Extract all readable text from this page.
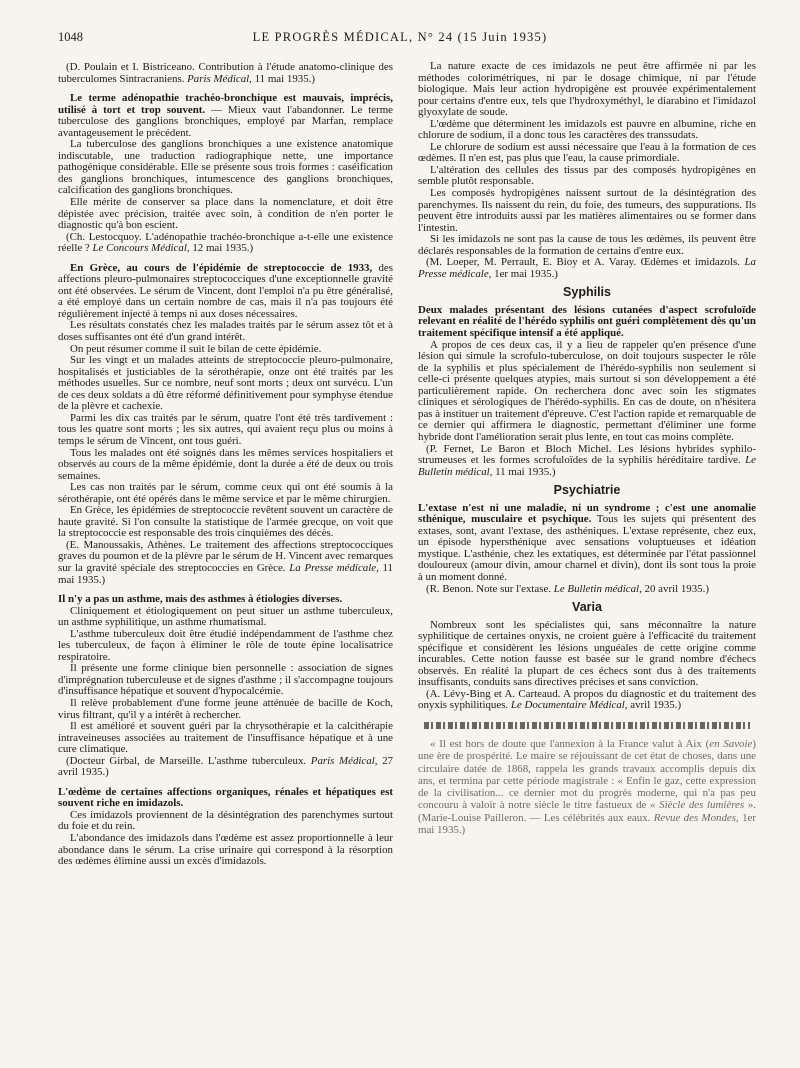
1048	LE PROGRÈS MÉDICAL, N° 24 (15 Juin 1935)

(D. Poulain et I. Bistriceano. Contribution à l'étude anatomo-clinique des tuberculomes Sintracraniens. Paris Médical, 11 mai 1935.)

Le terme adénopathie trachéo-bronchique est mauvais, imprécis, utilisé à tort et trop souvent. — Mieux vaut l'abandonner. Le terme tuberculose des ganglions bronchiques, employé par Marfan, remplace avantageusement le précédent.

La tuberculose des ganglions bronchiques a une existence anatomique indiscutable, une traduction radiographique nette, une importance pathogénique considérable. Elle se présente sous trois formes : caséification des ganglions bronchiques, intumescence des ganglions bronchiques, calcification des ganglions bronchiques.

Elle mérite de conserver sa place dans la nomenclature, et doit être dépistée avec précision, traitée avec soin, à condition de n'en porter le diagnostic qu'à bon escient.

(Ch. Lestocquoy. L'adénopathie trachéo-bronchique a-t-elle une existence réelle ? Le Concours Médical, 12 mai 1935.)

En Grèce, au cours de l'épidémie de streptococcie de 1933, des affections pleuro-pulmonaires streptococciques d'une exceptionnelle gravité ont été observées. Le sérum de Vincent, dont l'emploi n'a pu être généralisé, a été employé dans un certain nombre de cas, mais il n'a pas toujours été régulièrement injecté à temps ni aux doses nécessaires.

Les résultats constatés chez les malades traités par le sérum assez tôt et à doses suffisantes ont été d'un grand intérêt.

On peut résumer comme il suit le bilan de cette épidémie.

Sur les vingt et un malades atteints de streptococcie pleuro-pulmonaire, hospitalisés et justiciables de la sérothérapie, onze ont été traités par les méthodes usuelles. Sur ce nombre, neuf sont morts ; deux ont survécu. L'un de ces deux soldats a dû être réformé définitivement pour symphyse étendue de la plèvre et cachexie.

Parmi les dix cas traités par le sérum, quatre l'ont été très tardivement : tous les quatre sont morts ; les six autres, qui avaient reçu plus ou moins à temps le sérum de Vincent, ont tous guéri.

Tous les malades ont été soignés dans les mêmes services hospitaliers et observés au cours de la même épidémie, dont la durée a été de deux ou trois semaines.

Les cas non traités par le sérum, comme ceux qui ont été soumis à la sérothérapie, ont été opérés dans le même service et par le même chirurgien.

En Grèce, les épidémies de streptococcie revêtent souvent un caractère de haute gravité. Si l'on consulte la statistique de l'armée grecque, on voit que la streptococcie est responsable des trois cinquièmes des décès.

(E. Manoussakis, Athènes. Le traitement des affections streptococciques graves du poumon et de la plèvre par le sérum de H. Vincent avec remarques sur la gravité spéciale des streptococcies en Grèce. La Presse médicale, 11 mai 1935.)

Il n'y a pas un asthme, mais des asthmes à étiologies diverses.

Cliniquement et étiologiquement on peut situer un asthme tuberculeux, un asthme syphilitique, un asthme rhumatismal.

L'asthme tuberculeux doit être étudié indépendamment de l'asthme chez les tuberculeux, de façon à éliminer le rôle de toute épine localisatrice respiratoire.

Il présente une forme clinique bien personnelle : association de signes d'imprégnation tuberculeuse et de signes d'asthme ; il s'accompagne toujours d'insuffisance hépatique et souvent d'hypocalcémie.

Il relève probablement d'une forme jeune atténuée de bacille de Koch, virus filtrant, qu'il y a intérêt à rechercher.

Il est amélioré et souvent guéri par la chrysothérapie et la calcithérapie intraveineuses associées au traitement de l'insuffisance hépatique et à une cure climatique.

(Docteur Girbal, de Marseille. L'asthme tuberculeux. Paris Médical, 27 avril 1935.)

L'œdème de certaines affections organiques, rénales et hépatiques est souvent riche en imidazols.

Ces imidazols proviennent de la désintégration des parenchymes surtout du foie et du rein.

L'abondance des imidazols dans l'œdème est assez proportionnelle à leur abondance dans le sérum. La crise urinaire qui correspond à la résorption des œdèmes élimine aussi un excès d'imidazols.

La nature exacte de ces imidazols ne peut être affirmée ni par les méthodes colorimétriques, ni par le dosage chimique, ni par l'étude biologique. Mais leur action hydropigène est prouvée expérimentalement pour certains d'entre eux, tels que l'hydroxyméthyl, le diarabino et l'imidazol glyoxylate de soude.

L'œdème que déterminent les imidazols est pauvre en albumine, riche en chlorure de sodium, il a donc tous les caractères des transsudats.

Le chlorure de sodium est aussi nécessaire que l'eau à la formation de ces œdèmes. Il n'en est, pas plus que l'eau, la cause primordiale.

L'altération des cellules des tissus par des composés hydropigènes en semble plutôt responsable.

Les composés hydropigènes naissent surtout de la désintégration des parenchymes. Ils naissent du rein, du foie, des tumeurs, des suppurations. Ils peuvent être introduits aussi par les matières alimentaires ou se former dans l'intestin.

Si les imidazols ne sont pas la cause de tous les œdèmes, ils peuvent être déclarés responsables de la formation de certains d'entre eux.

(M. Loeper, M. Perrault, E. Bioy et A. Varay. Œdèmes et imidazols. La Presse médicale, 1er mai 1935.)

Syphilis

Deux malades présentant des lésions cutanées d'aspect scrofuloïde relevant en réalité de l'hérédo syphilis ont guéri complètement dès qu'un traitement spécifique intensif a été appliqué.

A propos de ces deux cas, il y a lieu de rappeler qu'en présence d'une lésion qui simule la scrofulo-tuberculose, on doit toujours suspecter le rôle de la syphilis et plus spécialement de l'hérédo-syphilis non seulement si celle-ci présente quelques atypies, mais surtout si son développement a été particulièrement rapide. On recherchera donc avec soin les stigmates cliniques et sérologiques de l'hérédo-syphilis. En cas de doute, on n'hésitera pas à instituer un traitement d'épreuve. C'est l'action rapide et remarquable de ce dernier qui affirmera le diagnostic, permettant d'éliminer une forme hybride dont l'amélioration serait plus lente, en tout cas moins complète.

(P. Fernet, Le Baron et Bloch Michel. Les lésions hybrides syphilo-strumeuses et les formes scrofuloïdes de la syphilis héréditaire tardive. Le Bulletin médical, 11 mai 1935.)

Psychiatrie

L'extase n'est ni une maladie, ni un syndrome ; c'est une anomalie sthénique, musculaire et psychique. Tous les sujets qui présentent des extases, sont, avant l'extase, des asthéniques. L'extase représente, chez eux, un épisode hypersthénique avec sensations voluptueuses et idéation mystique. L'asthénie, chez les extatiques, est déterminée par l'état passionnel douloureux (amour divin, amour charnel et divin), dont ils sont tous la proie à un moment donné.

(R. Benon. Note sur l'extase. Le Bulletin médical, 20 avril 1935.)

Varia

Nombreux sont les spécialistes qui, sans méconnaître la nature syphilitique de certaines onyxis, ne croient guère à l'efficacité du traitement spécifique et considèrent les lésions unguéales de cette origine comme incurables. Cette notion fausse est basée sur le grand nombre d'échecs observés. En réalité la plupart de ces échecs sont dus à des traitements insuffisants, conduits sans directives précises et sans conviction.

(A. Lévy-Bing et A. Carteaud. A propos du diagnostic et du traitement des onyxis syphilitiques. Le Documentaire Médical, avril 1935.)

« Il est hors de doute que l'annexion à la France valut à Aix (en Savoie) une ère de prospérité. Le maire se réjouissant de cet état de choses, dans une circulaire datée de 1868, rappela les grands travaux accomplis depuis dix ans, et termina par cette période magistrale : « Enfin le gaz, cette expression de la civilisation... ce dernier mot du progrès moderne, qui n'a pas peu concouru à valoir à notre siècle le titre fastueux de « Siècle des lumières ». (Marie-Louise Pailleron. — Les célébrités aux eaux. Revue des Mondes, 1er mai 1935.)
